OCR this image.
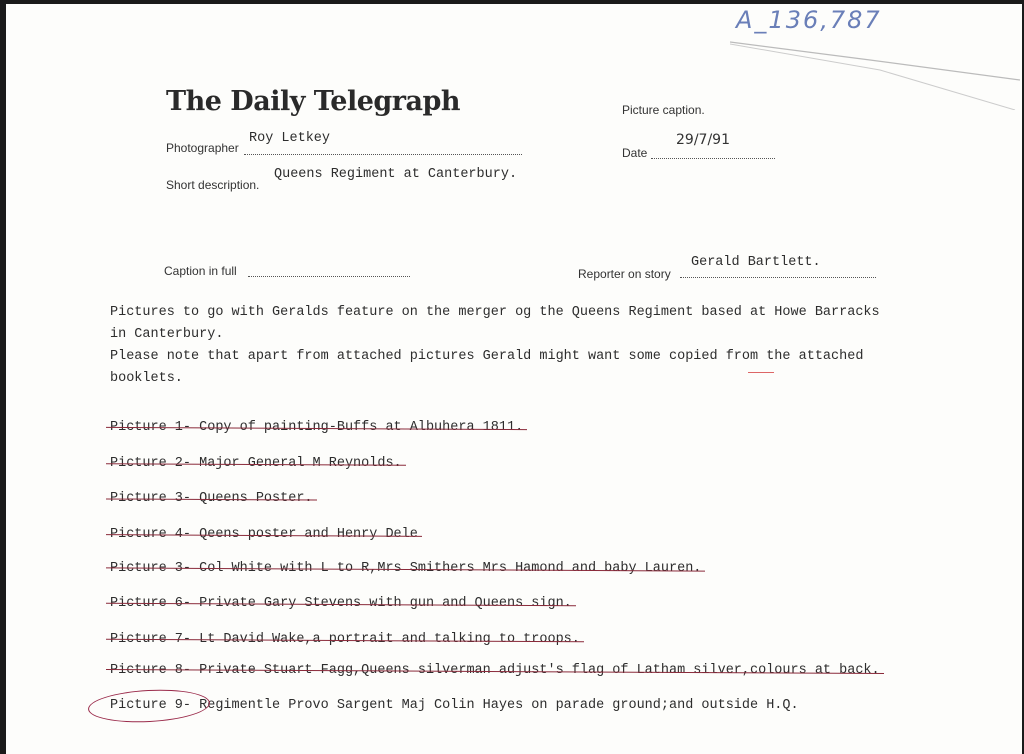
A_136,787
The Daily Telegraph	Picture caption.
Photographer
Roy Letkey
Date
29/7/91
Short description.
Queens Regiment at Canterbury.
Caption in full	Reporter on story
Gerald Bartlett.
Pictures to go with Geralds feature on the merger og the Queens Regiment based at Howe Barracks
in Canterbury.
Please note that apart from attached pictures Gerald might want some copied from the attached
booklets.
Picture 1- Copy of painting-Buffs at Albuhera 1811.
Picture 2- Major General M Reynolds.
Picture 3- Queens Poster.
Picture 4- Qeens poster and Henry Dele
Picture 3- Col White with L to R,Mrs Smithers Mrs Hamond and baby Lauren.
Picture 6- Private Gary Stevens with gun and Queens sign.
Picture 7- Lt David Wake,a portrait and talking to troops.
Picture 8- Private Stuart Fagg,Queens silverman adjust's flag of Latham silver,colours at back.
Picture 9- Regimentle Provo Sargent Maj Colin Hayes on parade ground;and outside H.Q.
